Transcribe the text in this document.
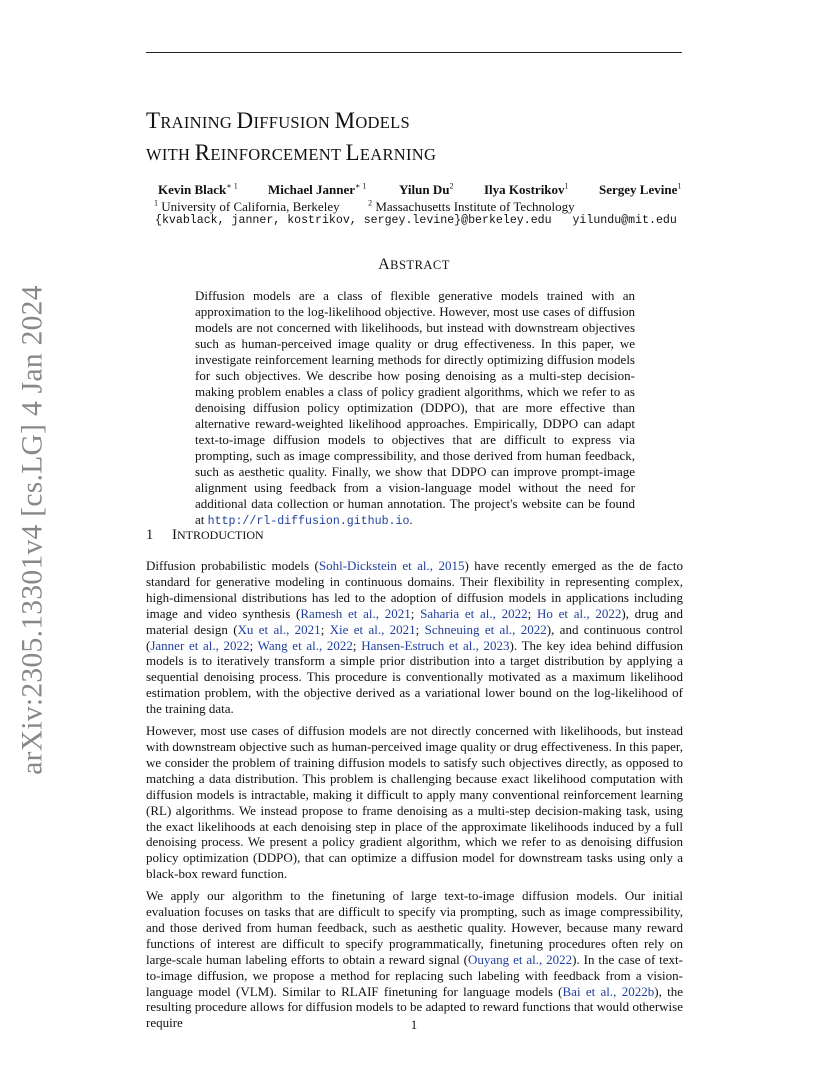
arXiv:2305.13301v4 [cs.LG] 4 Jan 2024
TRAINING DIFFUSION MODELS
WITH REINFORCEMENT LEARNING
Kevin Black$^{∗ 1}$ Michael Janner$^{∗ 1}$	Yilun Du$^2$ Ilya Kostrikov$^1$ Sergey Levine$^1$
$^1$ University of California, Berkeley	$^2$ Massachusetts Institute of Technology
{kvablack, janner, kostrikov, sergey.levine}@berkeley.edu yilundu@mit.edu
ABSTRACT
Diffusion models are a class of flexible generative models trained with an approximation to the log-likelihood objective. However, most use cases of diffusion models are not concerned with likelihoods, but instead with downstream objectives such as human-perceived image quality or drug effectiveness. In this paper, we investigate reinforcement learning methods for directly optimizing diffusion models for such objectives. We describe how posing denoising as a multi-step decision-making problem enables a class of policy gradient algorithms, which we refer to as denoising diffusion policy optimization (DDPO), that are more effective than alternative reward-weighted likelihood approaches. Empirically, DDPO can adapt text-to-image diffusion models to objectives that are difficult to express via prompting, such as image compressibility, and those derived from human feedback, such as aesthetic quality. Finally, we show that DDPO can improve prompt-image alignment using feedback from a vision-language model without the need for additional data collection or human annotation. The project's website can be found at http://rl-diffusion.github.io.
1 INTRODUCTION

Diffusion probabilistic models (Sohl-Dickstein et al., 2015) have recently emerged as the de facto standard for generative modeling in continuous domains. Their flexibility in representing complex, high-dimensional distributions has led to the adoption of diffusion models in applications including image and video synthesis (Ramesh et al., 2021; Saharia et al., 2022; Ho et al., 2022), drug and material design (Xu et al., 2021; Xie et al., 2021; Schneuing et al., 2022), and continuous control (Janner et al., 2022; Wang et al., 2022; Hansen-Estruch et al., 2023). The key idea behind diffusion models is to iteratively transform a simple prior distribution into a target distribution by applying a sequential denoising process. This procedure is conventionally motivated as a maximum likelihood estimation problem, with the objective derived as a variational lower bound on the log-likelihood of the training data.

However, most use cases of diffusion models are not directly concerned with likelihoods, but instead with downstream objective such as human-perceived image quality or drug effectiveness. In this paper, we consider the problem of training diffusion models to satisfy such objectives directly, as opposed to matching a data distribution. This problem is challenging because exact likelihood computation with diffusion models is intractable, making it difficult to apply many conventional reinforcement learning (RL) algorithms. We instead propose to frame denoising as a multi-step decision-making task, using the exact likelihoods at each denoising step in place of the approximate likelihoods induced by a full denoising process. We present a policy gradient algorithm, which we refer to as denoising diffusion policy optimization (DDPO), that can optimize a diffusion model for downstream tasks using only a black-box reward function.

We apply our algorithm to the finetuning of large text-to-image diffusion models. Our initial evaluation focuses on tasks that are difficult to specify via prompting, such as image compressibility, and those derived from human feedback, such as aesthetic quality. However, because many reward functions of interest are difficult to specify programmatically, finetuning procedures often rely on large-scale human labeling efforts to obtain a reward signal (Ouyang et al., 2022). In the case of text-to-image diffusion, we propose a method for replacing such labeling with feedback from a vision-language model (VLM). Similar to RLAIF finetuning for language models (Bai et al., 2022b), the resulting procedure allows for diffusion models to be adapted to reward functions that would otherwise require	1
